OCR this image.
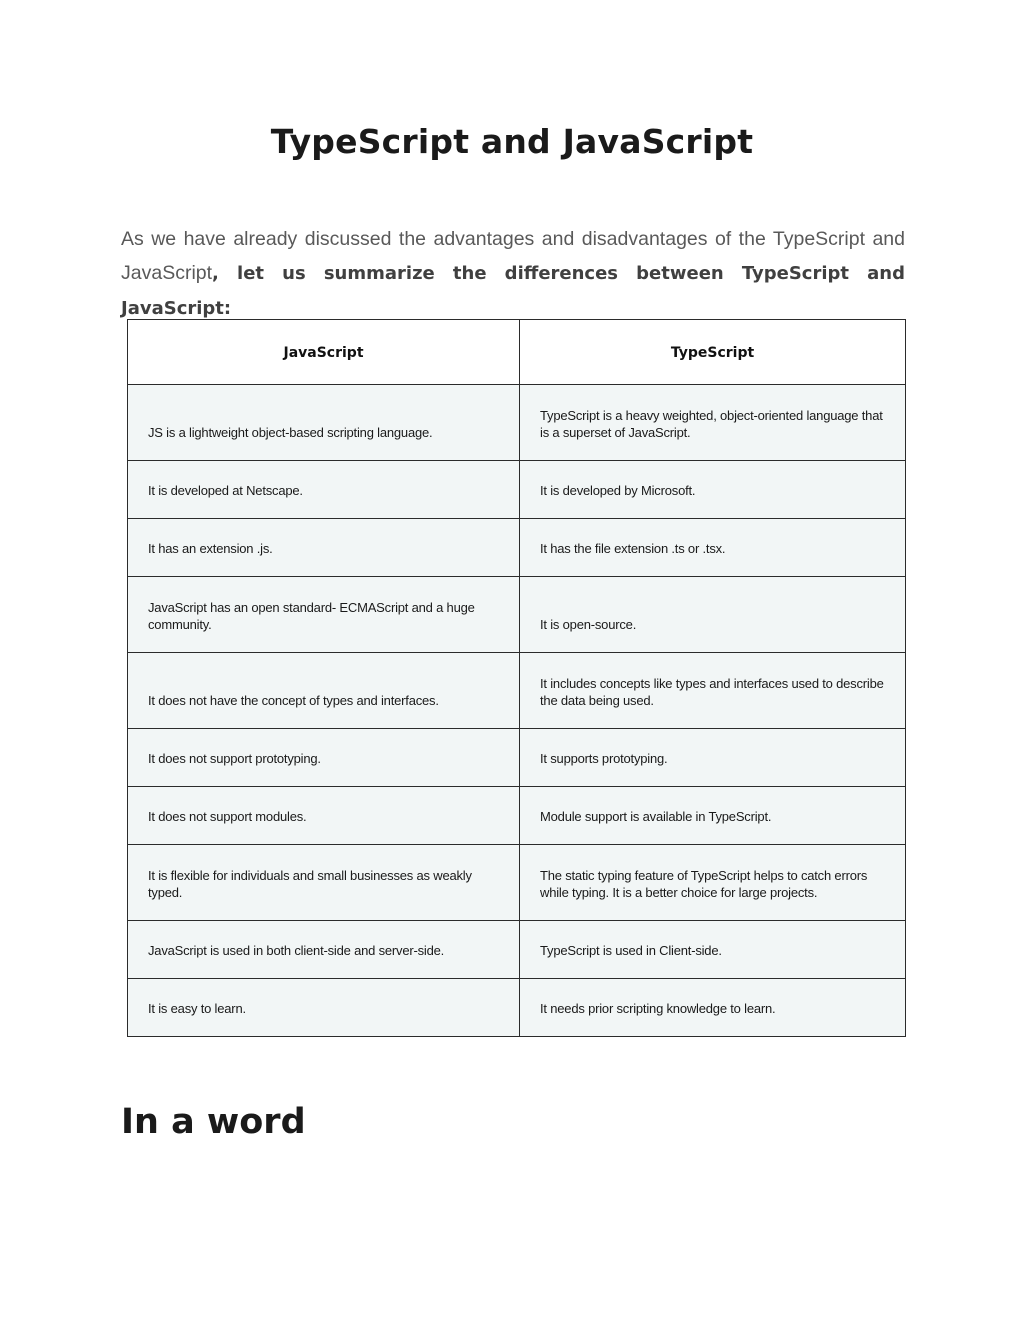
TypeScript and JavaScript

As we have already discussed the advantages and disadvantages of the TypeScript and JavaScript, let us summarize the differences between TypeScript and JavaScript:

JavaScript	TypeScript
JS is a lightweight object-based scripting language.	TypeScript is a heavy weighted, object-oriented language that is a superset of JavaScript.
It is developed at Netscape.	It is developed by Microsoft.
It has an extension .js.	It has the file extension .ts or .tsx.
JavaScript has an open standard- ECMAScript and a huge community.	It is open-source.
It does not have the concept of types and interfaces.	It includes concepts like types and interfaces used to describe the data being used.
It does not support prototyping.	It supports prototyping.
It does not support modules.	Module support is available in TypeScript.
It is flexible for individuals and small businesses as weakly typed.	The static typing feature of TypeScript helps to catch errors while typing. It is a better choice for large projects.
JavaScript is used in both client-side and server-side.	TypeScript is used in Client-side.
It is easy to learn.	It needs prior scripting knowledge to learn.
In a word
